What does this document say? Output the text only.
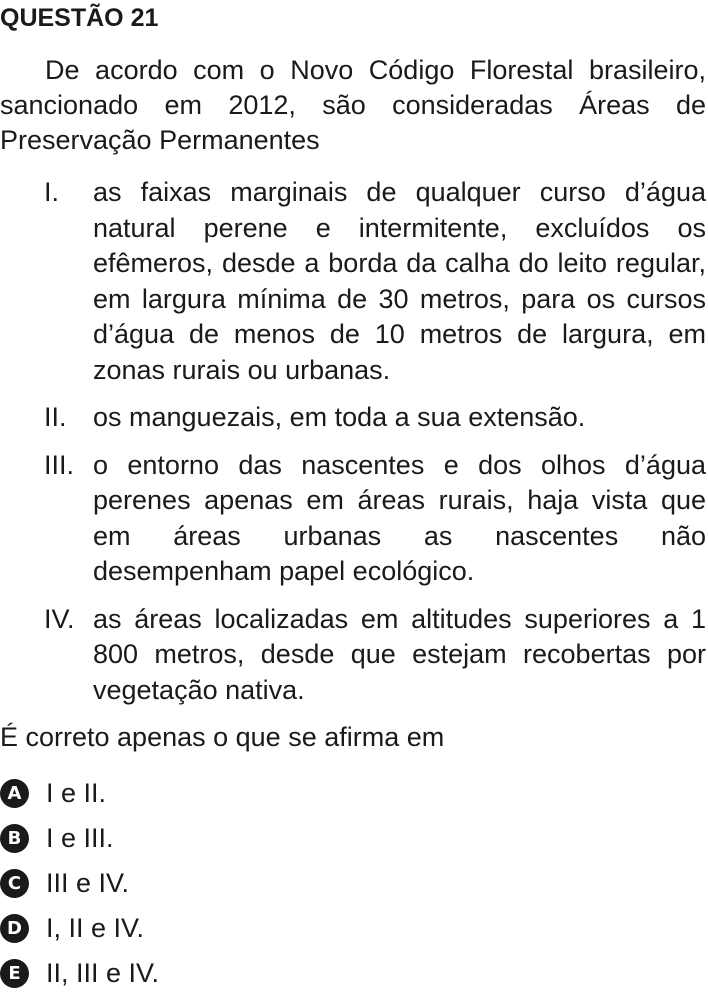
QUESTÃO 21

De acordo com o Novo Código Florestal brasileiro, sancionado em 2012, são consideradas Áreas de Preservação Permanentes

I.	as faixas marginais de qualquer curso d’água natural perene e intermitente, excluídos os efêmeros, desde a borda da calha do leito regular, em largura mínima de 30 metros, para os cursos d’água de menos de 10 metros de largura, em zonas rurais ou urbanas.

II. os manguezais, em toda a sua extensão.

III. o entorno das nascentes e dos olhos d’água perenes apenas em áreas rurais, haja vista que em áreas urbanas as nascentes não desempenham papel ecológico.

IV. as áreas localizadas em altitudes superiores a 1 800 metros, desde que estejam recobertas por vegetação nativa.

É correto apenas o que se afirma em

A I e II.
B I e III.
C III e IV.
D I, II e IV.
E II, III e IV.
